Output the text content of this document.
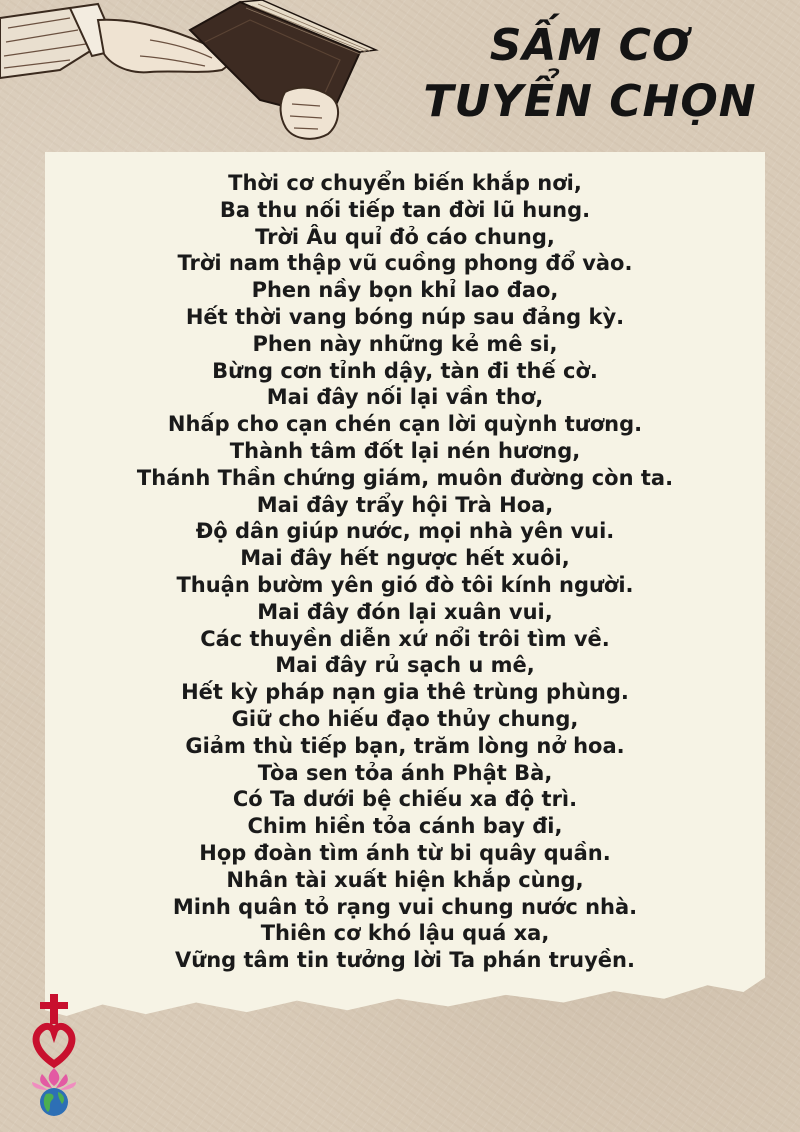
SẤM CƠ
TUYỂN CHỌN
Thời cơ chuyển biến khắp nơi,
Ba thu nối tiếp tan đời lũ hung.
Trời Âu quỉ đỏ cáo chung,
Trời nam thập vũ cuồng phong đổ vào.
Phen nầy bọn khỉ lao đao,
Hết thời vang bóng núp sau đảng kỳ.
Phen này những kẻ mê si,
Bừng cơn tỉnh dậy, tàn đi thế cờ.
Mai đây nối lại vần thơ,
Nhấp cho cạn chén cạn lời quỳnh tương.
Thành tâm đốt lại nén hương,
Thánh Thần chứng giám, muôn đường còn ta.
Mai đây trẩy hội Trà Hoa,
Độ dân giúp nước, mọi nhà yên vui.
Mai đây hết ngược hết xuôi,
Thuận bườm yên gió đò tôi kính người.
Mai đây đón lại xuân vui,
Các thuyền diễn xứ nổi trôi tìm về.
Mai đây rủ sạch u mê,
Hết kỳ pháp nạn gia thê trùng phùng.
Giữ cho hiếu đạo thủy chung,
Giảm thù tiếp bạn, trăm lòng nở hoa.
Tòa sen tỏa ánh Phật Bà,
Có Ta dưới bệ chiếu xa độ trì.
Chim hiền tỏa cánh bay đi,
Họp đoàn tìm ánh từ bi quây quần.
Nhân tài xuất hiện khắp cùng,
Minh quân tỏ rạng vui chung nước nhà.
Thiên cơ khó lậu quá xa,
Vững tâm tin tưởng lời Ta phán truyền.
